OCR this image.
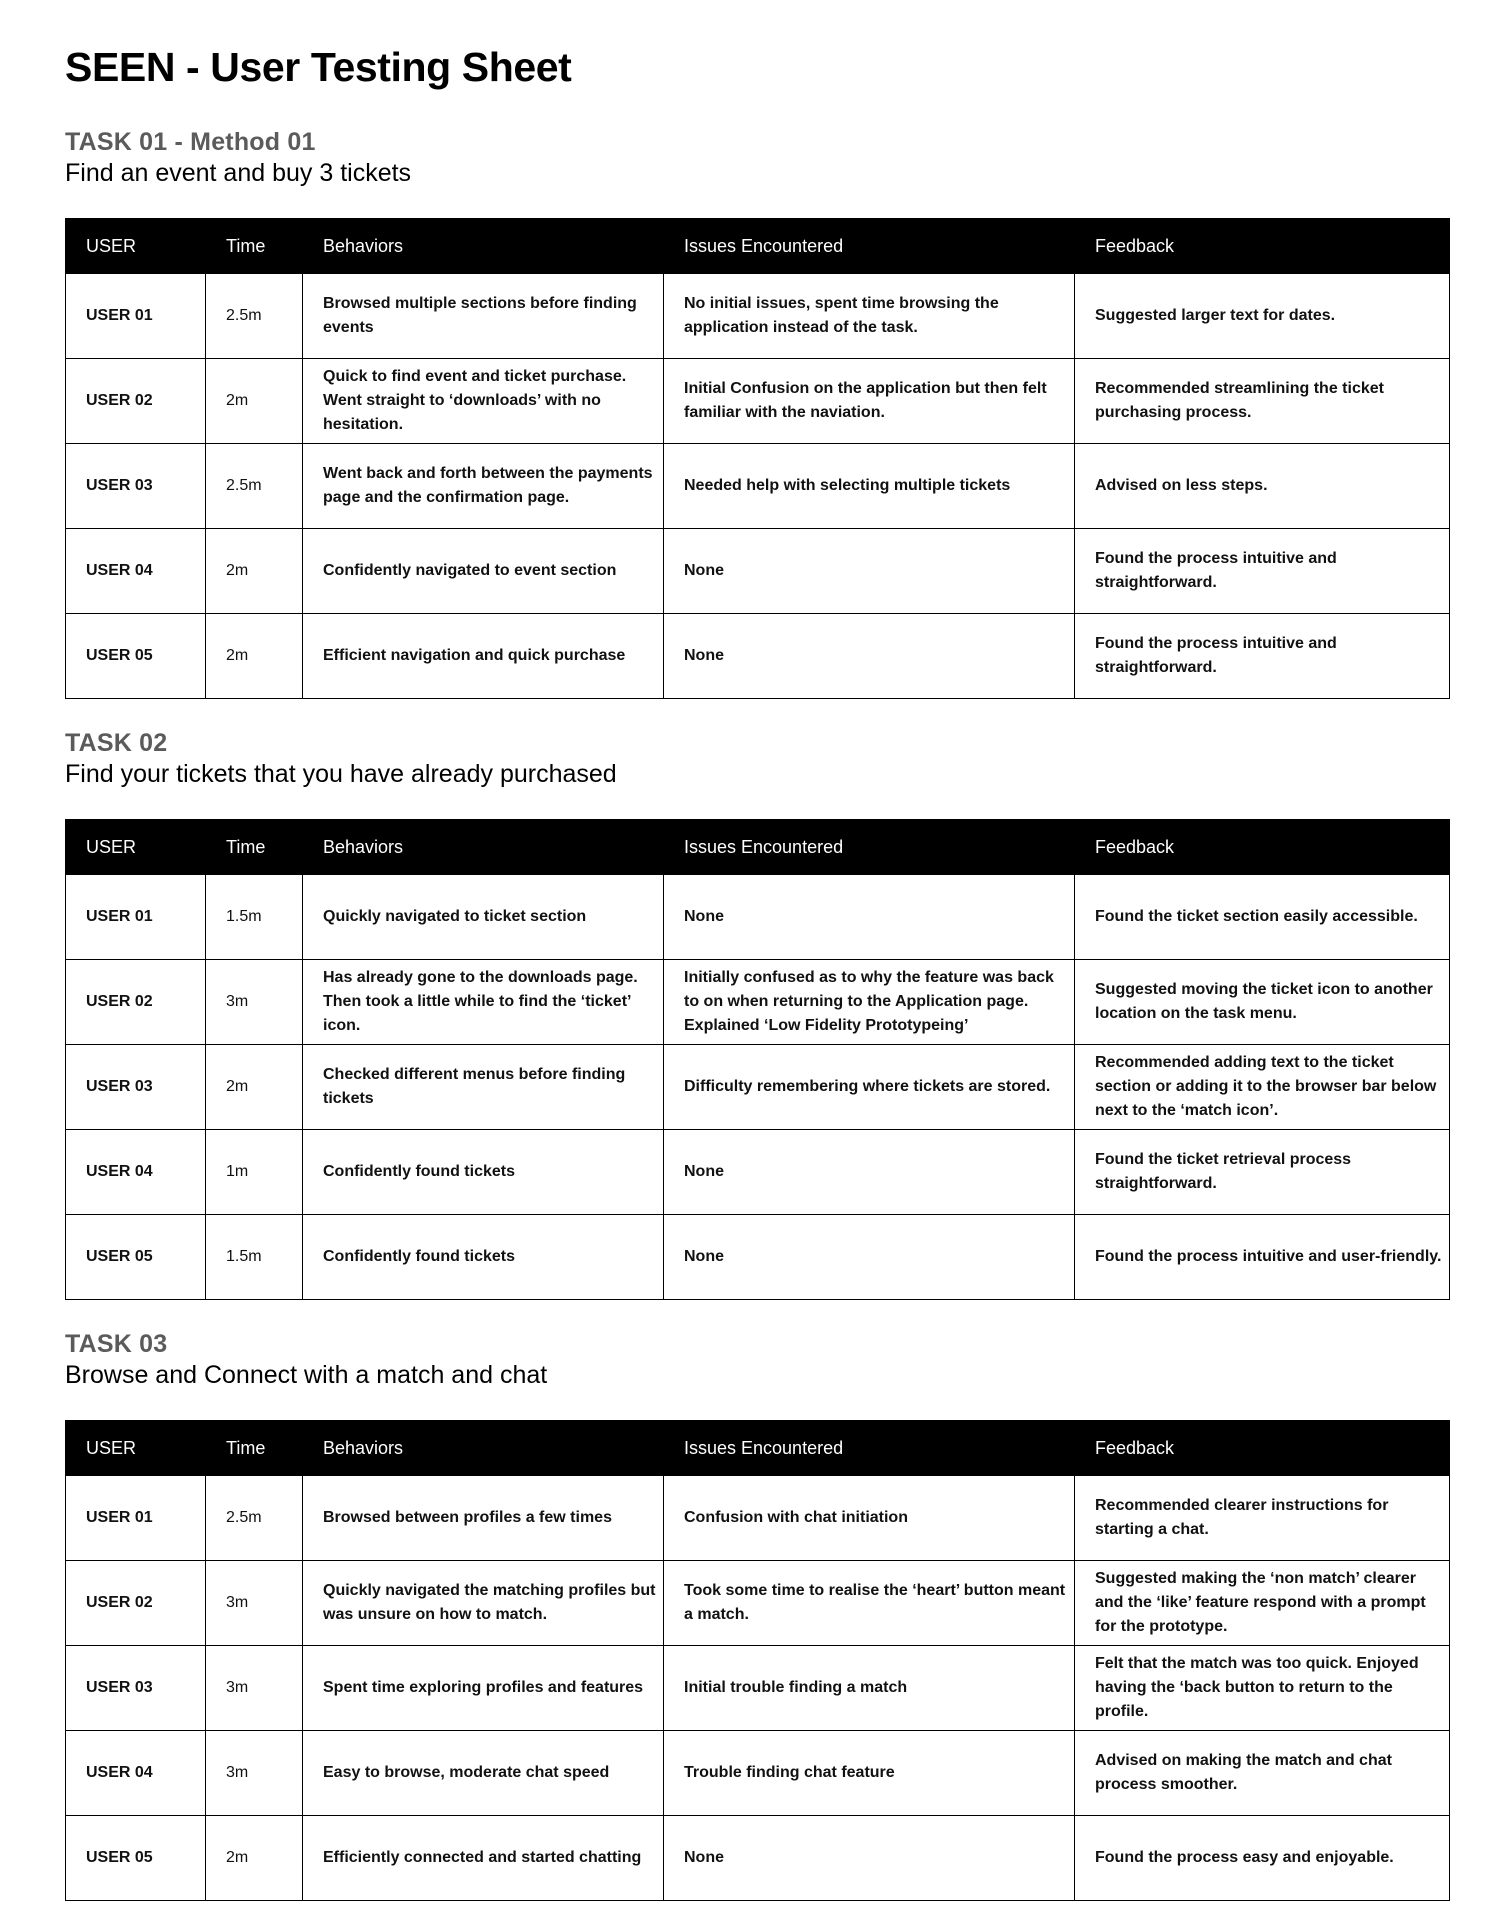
SEEN - User Testing Sheet
TASK 01 - Method 01
Find an event and buy 3 tickets
USER	Time	Behaviors	Issues Encountered	Feedback
USER 01	2.5m	Browsed multiple sections before finding events	No initial issues, spent time browsing the application instead of the task.	Suggested larger text for dates.
USER 02	2m	Quick to find event and ticket purchase. Went straight to ‘downloads’ with no hesitation.	Initial Confusion on the application but then felt familiar with the naviation.	Recommended streamlining the ticket purchasing process.
USER 03	2.5m	Went back and forth between the payments page and the confirmation page.	Needed help with selecting multiple tickets	Advised on less steps.
USER 04	2m	Confidently navigated to event section	None	Found the process intuitive and straightforward.
USER 05	2m	Efficient navigation and quick purchase	None	Found the process intuitive and straightforward.
TASK 02
Find your tickets that you have already purchased
USER	Time	Behaviors	Issues Encountered	Feedback
USER 01	1.5m	Quickly navigated to ticket section	None	Found the ticket section easily accessible.
USER 02	3m	Has already gone to the downloads page. Then took a little while to find the ‘ticket’ icon.	Initially confused as to why the feature was back to on when returning to the Application page. Explained ‘Low Fidelity Prototypeing’	Suggested moving the ticket icon to another location on the task menu.
USER 03	2m	Checked different menus before finding tickets	Difficulty remembering where tickets are stored.	Recommended adding text to the ticket section or adding it to the browser bar below next to the ‘match icon’.
USER 04	1m	Confidently found tickets	None	Found the ticket retrieval process straightforward.
USER 05	1.5m	Confidently found tickets	None	Found the process intuitive and user-friendly.
TASK 03
Browse and Connect with a match and chat
USER	Time	Behaviors	Issues Encountered	Feedback
USER 01	2.5m	Browsed between profiles a few times	Confusion with chat initiation	Recommended clearer instructions for starting a chat.
USER 02	3m	Quickly navigated the matching profiles but was unsure on how to match.	Took some time to realise the ‘heart’ button meant a match.	Suggested making the ‘non match’ clearer and the ‘like’ feature respond with a prompt for the prototype.
USER 03	3m	Spent time exploring profiles and features	Initial trouble finding a match	Felt that the match was too quick. Enjoyed having the ‘back button to return to the profile.
USER 04	3m	Easy to browse, moderate chat speed	Trouble finding chat feature	Advised on making the match and chat process smoother.
USER 05	2m	Efficiently connected and started chatting	None	Found the process easy and enjoyable.
